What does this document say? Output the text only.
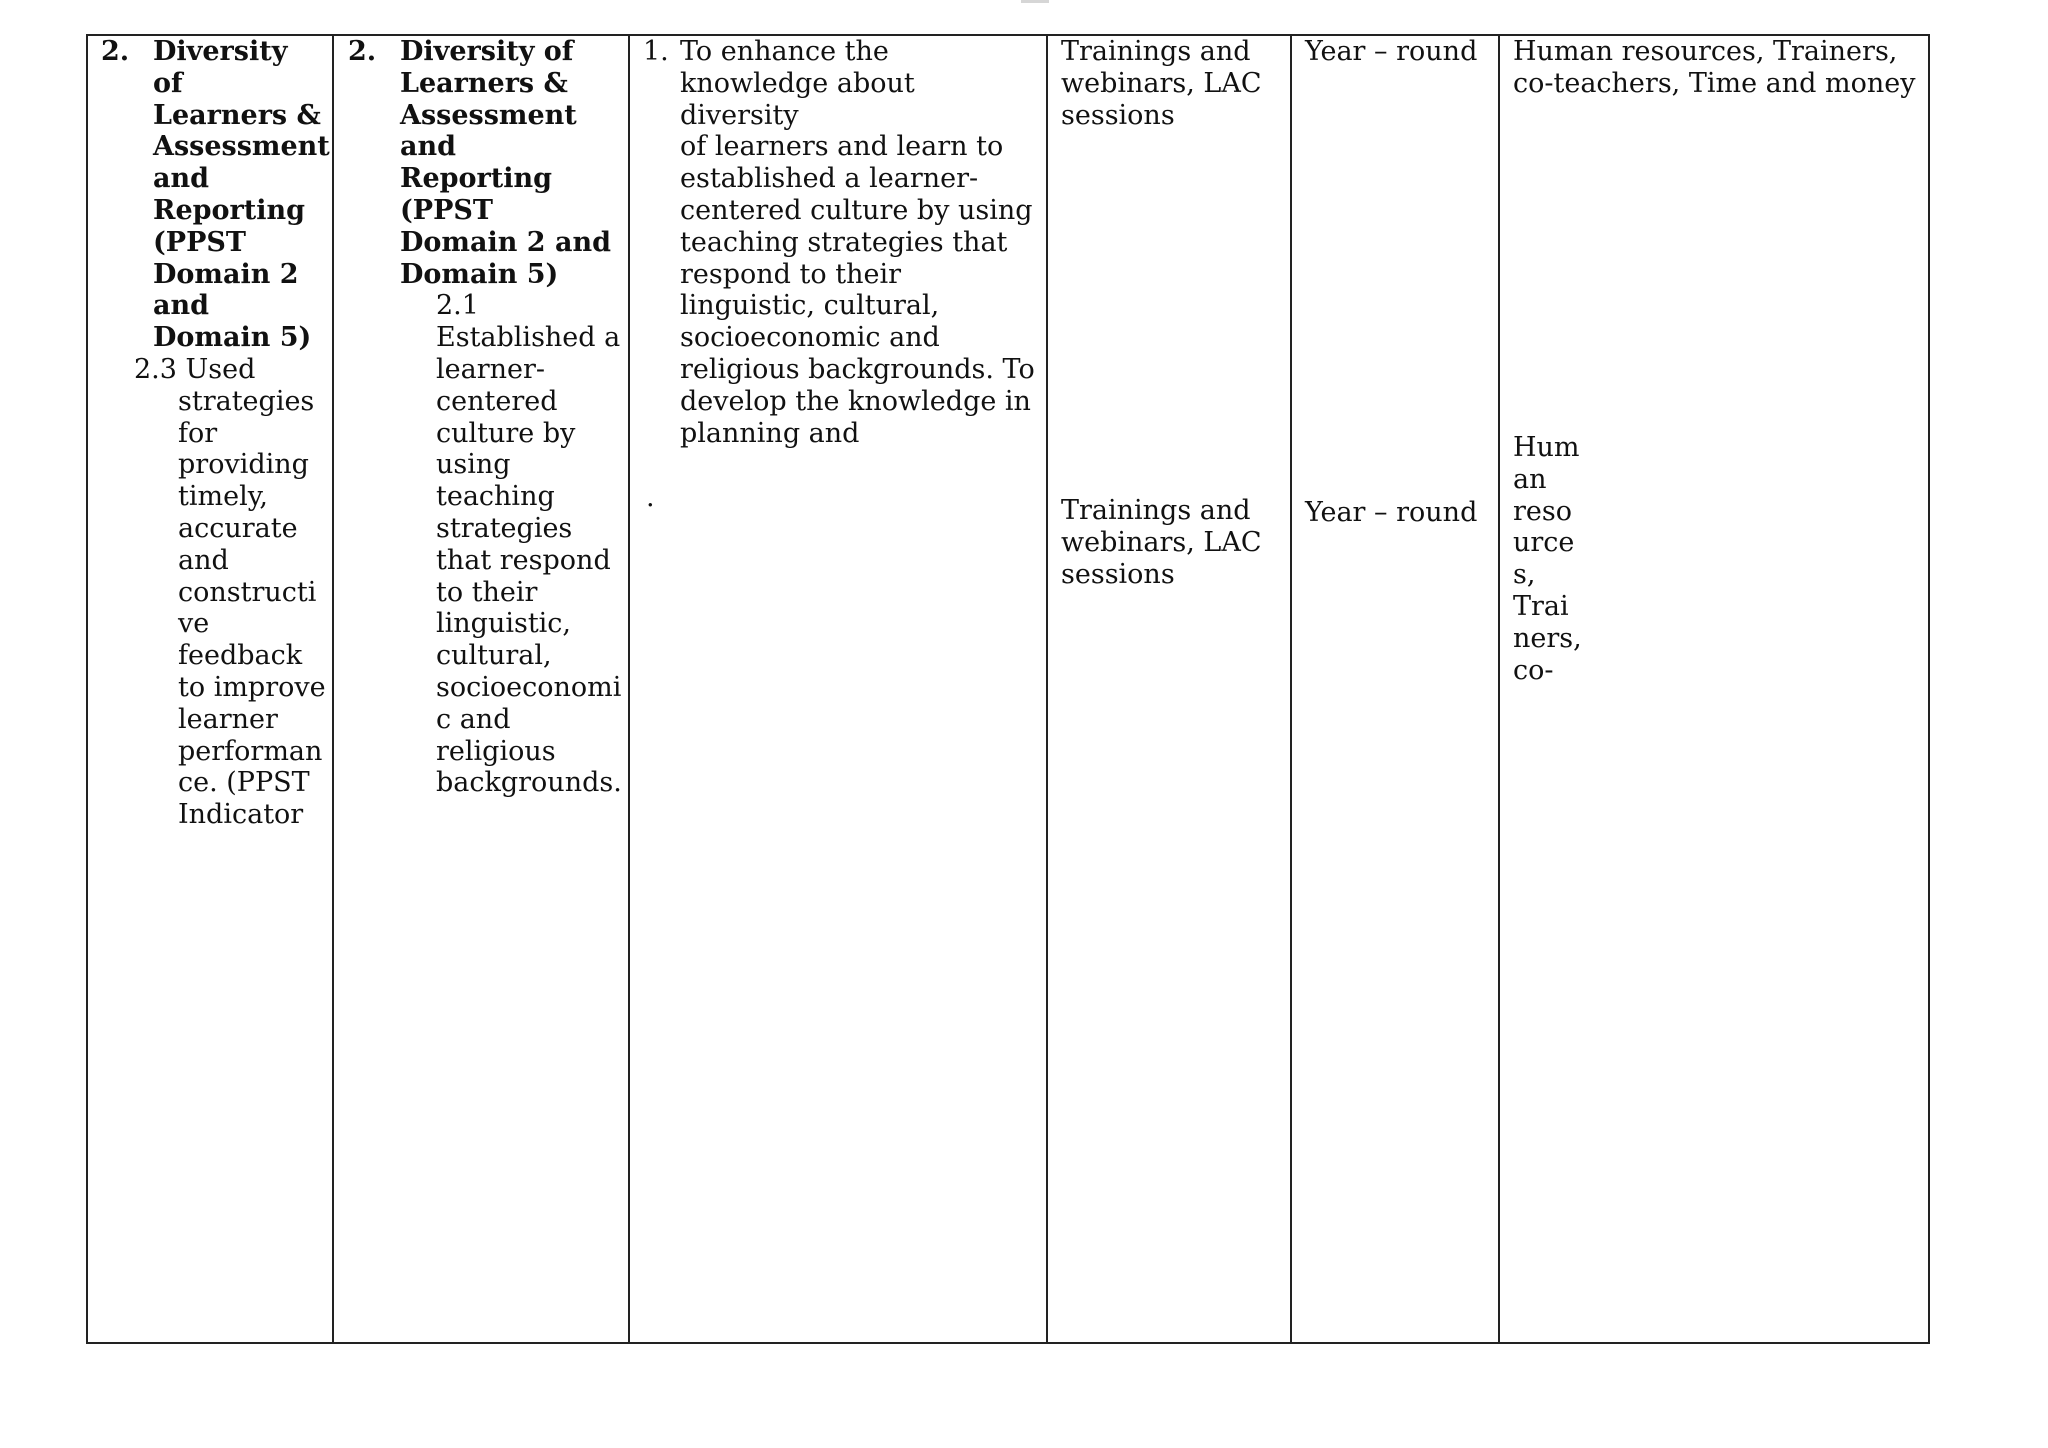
2. Diversity of
Learners &
Assessment
and
Reporting
(PPST
Domain 2
and
Domain 5)
2.3 Used
strategies
for
providing
timely,
accurate
and
constructi
ve
feedback
to improve
learner
performan
ce. (PPST
Indicator

2. Diversity of
Learners &
Assessment
and
Reporting
(PPST
Domain 2 and
Domain 5)
2.1
Established a
learner-
centered
culture by
using
teaching
strategies
that respond
to their
linguistic,
cultural,
socioeconomi
c and
religious
backgrounds.

1. To enhance the
knowledge about diversity
of learners and learn to
established a learner-
centered culture by using
teaching strategies that
respond to their
linguistic, cultural,
socioeconomic and
religious backgrounds. To
develop the knowledge in
planning and
.

Trainings and
webinars, LAC
sessions
Trainings and
webinars, LAC
sessions

Year – round
Year – round

Human resources, Trainers,
co-teachers, Time and money
Hum
an
reso
urce
s,
Trai
ners,
co-
